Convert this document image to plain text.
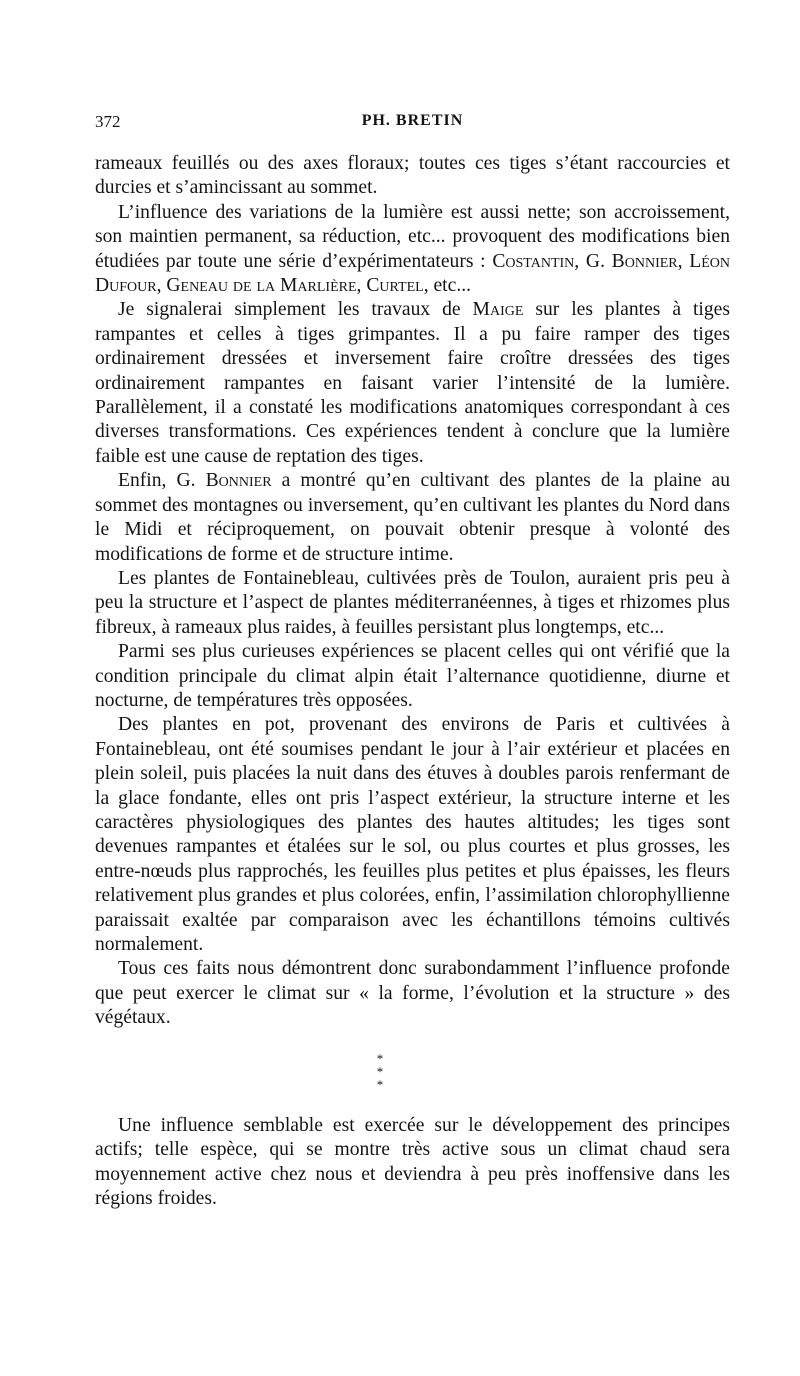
372	PH. BRETIN

rameaux feuillés ou des axes floraux; toutes ces tiges s’étant raccourcies et durcies et s’amincissant au sommet.

L’influence des variations de la lumière est aussi nette; son accroissement, son maintien permanent, sa réduction, etc... provoquent des modifications bien étudiées par toute une série d’expérimentateurs : Costantin, G. Bonnier, Léon Dufour, Geneau de la Marlière, Curtel, etc...

Je signalerai simplement les travaux de Maige sur les plantes à tiges rampantes et celles à tiges grimpantes. Il a pu faire ramper des tiges ordinairement dressées et inversement faire croître dressées des tiges ordinairement rampantes en faisant varier l’intensité de la lumière. Parallèlement, il a constaté les modifications anatomiques correspondant à ces diverses transformations. Ces expériences tendent à conclure que la lumière faible est une cause de reptation des tiges.

Enfin, G. Bonnier a montré qu’en cultivant des plantes de la plaine au sommet des montagnes ou inversement, qu’en cultivant les plantes du Nord dans le Midi et réciproquement, on pouvait obtenir presque à volonté des modifications de forme et de structure intime.

Les plantes de Fontainebleau, cultivées près de Toulon, auraient pris peu à peu la structure et l’aspect de plantes méditerranéennes, à tiges et rhizomes plus fibreux, à rameaux plus raides, à feuilles persistant plus longtemps, etc...

Parmi ses plus curieuses expériences se placent celles qui ont vérifié que la condition principale du climat alpin était l’alternance quotidienne, diurne et nocturne, de températures très opposées.

Des plantes en pot, provenant des environs de Paris et cultivées à Fontainebleau, ont été soumises pendant le jour à l’air extérieur et placées en plein soleil, puis placées la nuit dans des étuves à doubles parois renfermant de la glace fondante, elles ont pris l’aspect extérieur, la structure interne et les caractères physiologiques des plantes des hautes altitudes; les tiges sont devenues rampantes et étalées sur le sol, ou plus courtes et plus grosses, les entre-nœuds plus rapprochés, les feuilles plus petites et plus épaisses, les fleurs relativement plus grandes et plus colorées, enfin, l’assimilation chlorophyllienne paraissait exaltée par comparaison avec les échantillons témoins cultivés normalement.

Tous ces faits nous démontrent donc surabondamment l’influence profonde que peut exercer le climat sur « la forme, l’évolution et la structure » des végétaux.

*
* *

Une influence semblable est exercée sur le développement des principes actifs; telle espèce, qui se montre très active sous un climat chaud sera moyennement active chez nous et deviendra à peu près inoffensive dans les régions froides.
